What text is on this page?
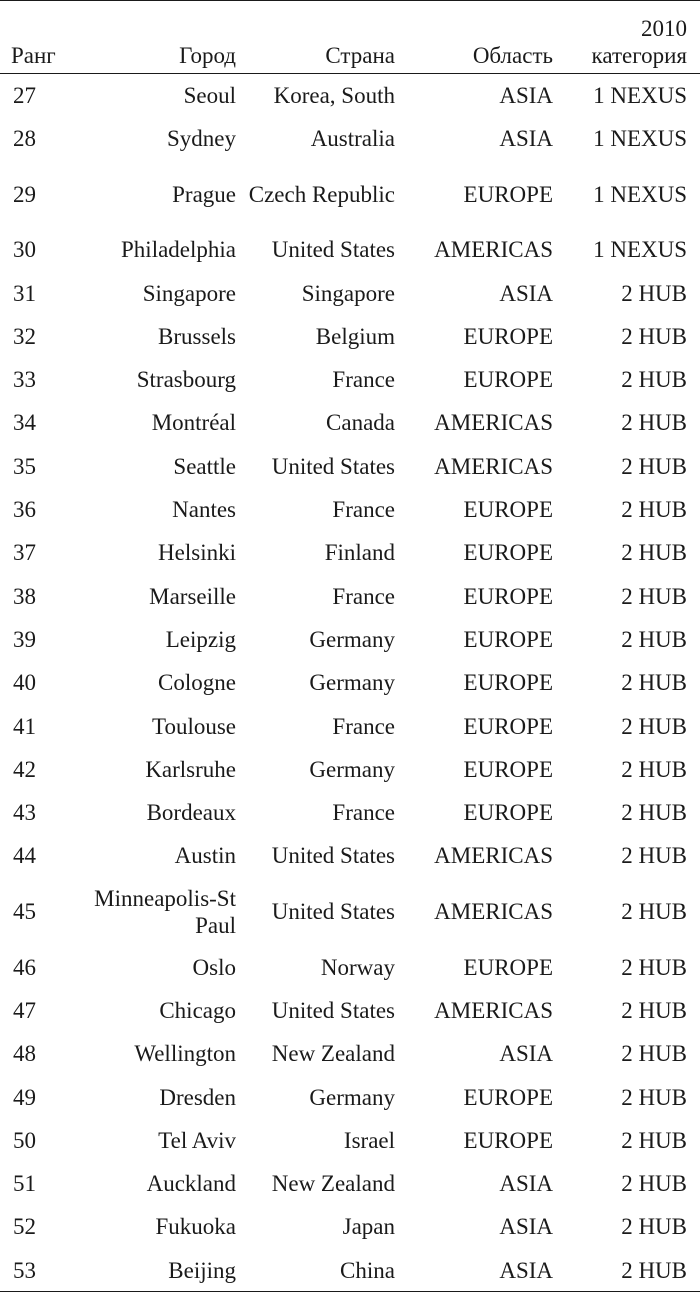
Ранг	Город	Страна	Область	2010
категория
27	Seoul	Korea, South	ASIA	1 NEXUS
28	Sydney	Australia	ASIA	1 NEXUS
29	Prague	Czech Republic	EUROPE	1 NEXUS
30	Philadelphia	United States	AMERICAS	1 NEXUS
31	Singapore	Singapore	ASIA	2 HUB
32	Brussels	Belgium	EUROPE	2 HUB
33	Strasbourg	France	EUROPE	2 HUB
34	Montréal	Canada	AMERICAS	2 HUB
35	Seattle	United States	AMERICAS	2 HUB
36	Nantes	France	EUROPE	2 HUB
37	Helsinki	Finland	EUROPE	2 HUB
38	Marseille	France	EUROPE	2 HUB
39	Leipzig	Germany	EUROPE	2 HUB
40	Cologne	Germany	EUROPE	2 HUB
41	Toulouse	France	EUROPE	2 HUB
42	Karlsruhe	Germany	EUROPE	2 HUB
43	Bordeaux	France	EUROPE	2 HUB
44	Austin	United States	AMERICAS	2 HUB
45	Minneapolis-St Paul	United States	AMERICAS	2 HUB
46	Oslo	Norway	EUROPE	2 HUB
47	Chicago	United States	AMERICAS	2 HUB
48	Wellington	New Zealand	ASIA	2 HUB
49	Dresden	Germany	EUROPE	2 HUB
50	Tel Aviv	Israel	EUROPE	2 HUB
51	Auckland	New Zealand	ASIA	2 HUB
52	Fukuoka	Japan	ASIA	2 HUB
53	Beijing	China	ASIA	2 HUB
